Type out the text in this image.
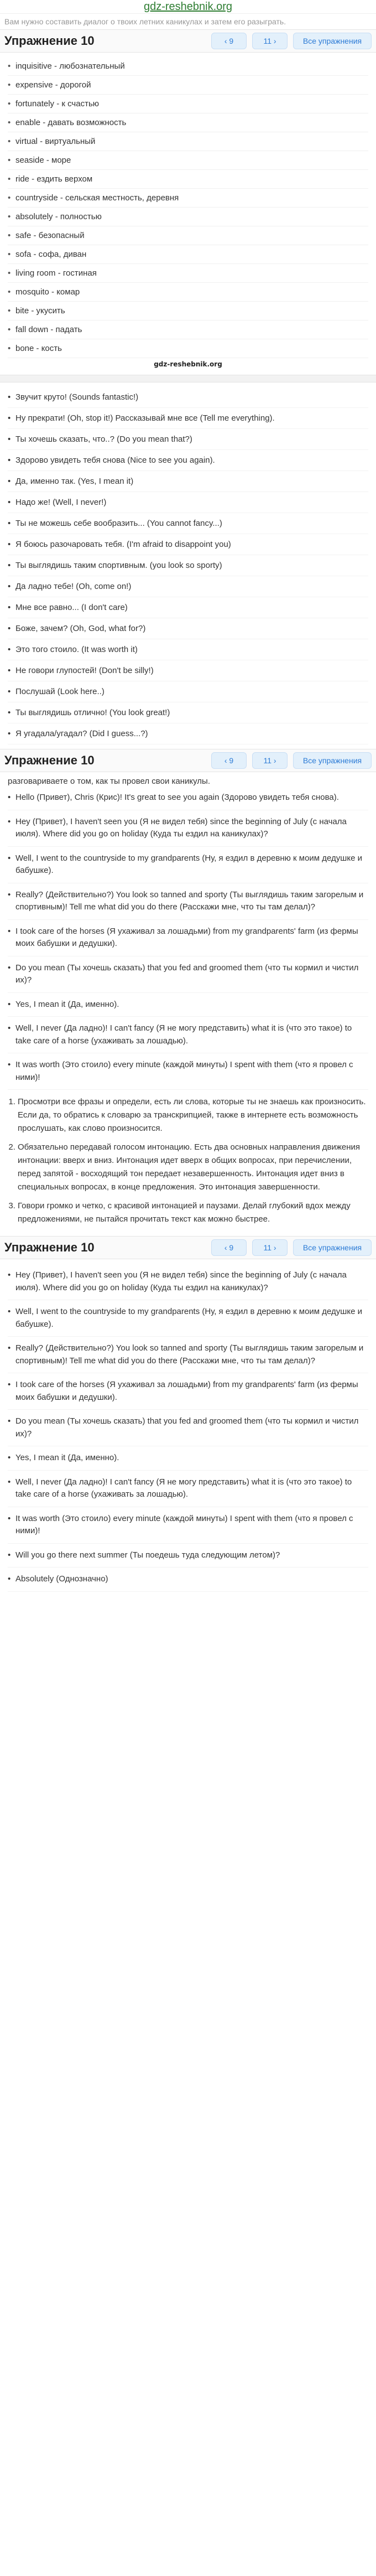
gdz-reshebnik.org
Вам нужно составить диалог о твоих летних каникулах и затем его разыграть.
Упражнение 10	‹ 9	11 ›	Все упражнения
• inquisitive - любознательный
• expensive - дорогой
• fortunately - к счастью
• enable - давать возможность
• virtual - виртуальный
• seaside - море
• ride - ездить верхом
• countryside - сельская местность, деревня
• absolutely - полностью
• safe - безопасный
• sofa - софа, диван
• living room - гостиная
• mosquito - комар
• bite - укусить
• fall down - падать
• bone - кость
gdz-reshebnik.org
• Звучит круто! (Sounds fantastic!)
• Ну прекрати! (Oh, stop it!) Рассказывай мне все (Tell me everything).
• Ты хочешь сказать, что..? (Do you mean that?)
• Здорово увидеть тебя снова (Nice to see you again).
• Да, именно так. (Yes, I mean it)
• Надо же! (Well, I never!)
• Ты не можешь себе вообразить... (You cannot fancy...)
• Я боюсь разочаровать тебя. (I'm afraid to disappoint you)
• Ты выглядишь таким спортивным. (you look so sporty)
• Да ладно тебе! (Oh, come on!)
• Мне все равно... (I don't care)
• Боже, зачем? (Oh, God, what for?)
• Это того стоило. (It was worth it)
• Не говори глупостей! (Don't be silly!)
• Послушай (Look here..)
• Ты выглядишь отлично! (You look great!)
• Я угадала/угадал? (Did I guess...?)
Упражнение 10	‹ 9	11 ›	Все упражнения
разговариваете о том, как ты провел свои каникулы.
• Hello (Привет), Chris (Крис)! It's great to see you again (Здорово увидеть тебя снова).
• Hey (Привет), I haven't seen you (Я не видел тебя) since the beginning of July (с начала июля). Where did you go on holiday (Куда ты ездил на каникулах)?
• Well, I went to the countryside to my grandparents (Ну, я ездил в деревню к моим дедушке и бабушке).
• Really? (Действительно?) You look so tanned and sporty (Ты выглядишь таким загорелым и спортивным)! Tell me what did you do there (Расскажи мне, что ты там делал)?
• I took care of the horses (Я ухаживал за лошадьми) from my grandparents' farm (из фермы моих бабушки и дедушки).
• Do you mean (Ты хочешь сказать) that you fed and groomed them (что ты кормил и чистил их)?
• Yes, I mean it (Да, именно).
• Well, I never (Да ладно)! I can't fancy (Я не могу представить) what it is (что это такое) to take care of a horse (ухаживать за лошадью).
• It was worth (Это стоило) every minute (каждой минуты) I spent with them (что я провел с ними)!
1. Просмотри все фразы и определи, есть ли слова, которые ты не знаешь как произносить. Если да, то обратись к словарю за транскрипцией, также в интернете есть возможность прослушать, как слово произносится.
2. Обязательно передавай голосом интонацию. Есть два основных направления движения интонации: вверх и вниз. Интонация идет вверх в общих вопросах, при перечислении, перед запятой - восходящий тон передает незавершенность. Интонация идет вниз в специальных вопросах, в конце предложения. Это интонация завершенности.
3. Говори громко и четко, с красивой интонацией и паузами. Делай глубокий вдох между предложениями, не пытайся прочитать текст как можно быстрее.
Упражнение 10	‹ 9	11 ›	Все упражнения
• Hey (Привет), I haven't seen you (Я не видел тебя) since the beginning of July (с начала июля). Where did you go on holiday (Куда ты ездил на каникулах)?
• Well, I went to the countryside to my grandparents (Ну, я ездил в деревню к моим дедушке и бабушке).
• Really? (Действительно?) You look so tanned and sporty (Ты выглядишь таким загорелым и спортивным)! Tell me what did you do there (Расскажи мне, что ты там делал)?
• I took care of the horses (Я ухаживал за лошадьми) from my grandparents' farm (из фермы моих бабушки и дедушки).
• Do you mean (Ты хочешь сказать) that you fed and groomed them (что ты кормил и чистил их)?
• Yes, I mean it (Да, именно).
• Well, I never (Да ладно)! I can't fancy (Я не могу представить) what it is (что это такое) to take care of a horse (ухаживать за лошадью).
• It was worth (Это стоило) every minute (каждой минуты) I spent with them (что я провел с ними)!
• Will you go there next summer (Ты поедешь туда следующим летом)?
• Absolutely (Однозначно)
